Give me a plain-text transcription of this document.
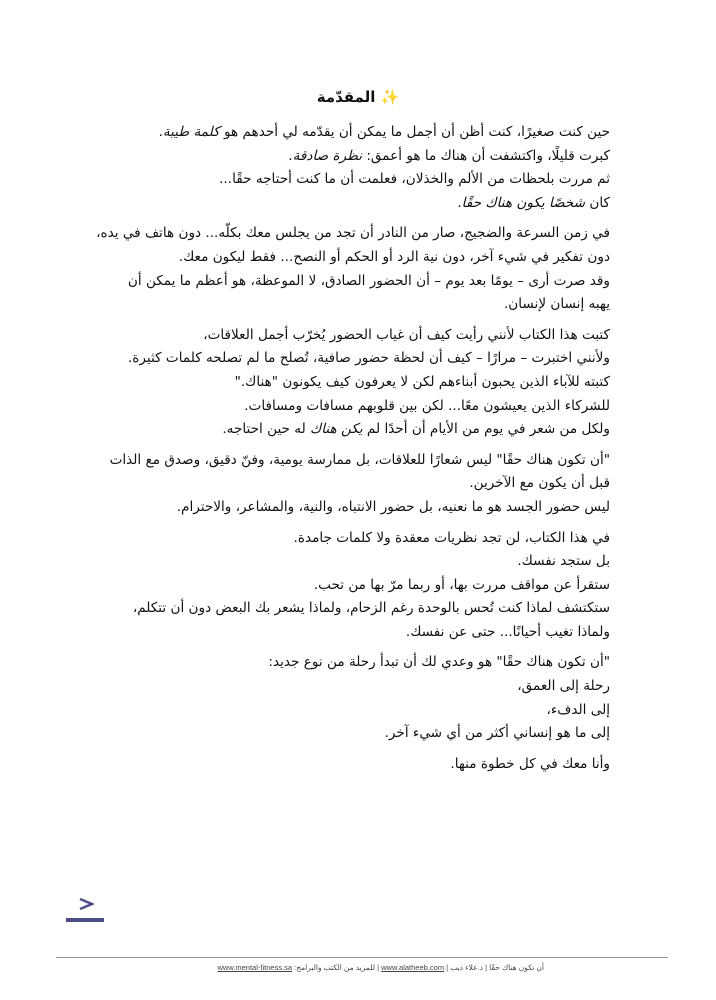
✨ المقدّمة
حين كنت صغيرًا، كنت أظن أن أجمل ما يمكن أن يقدّمه لي أحدهم هو كلمة طيبة.
كبرت قليلًا، واكتشفت أن هناك ما هو أعمق: نظرة صادقة.
ثم مررت بلحظات من الألم والخذلان، فعلمت أن ما كنت أحتاجه حقًا...
كان شخصًا يكون هناك حقًا.
في زمن السرعة والضجيج، صار من النادر أن تجد من يجلس معك بكلّه... دون هاتف في يده،
دون تفكير في شيء آخر، دون نية الرد أو الحكم أو النصح... فقط ليكون معك.
وقد صرت أرى – يومًا بعد يوم – أن الحضور الصادق، لا الموعظة، هو أعظم ما يمكن أن يهبه إنسان لإنسان.
كتبت هذا الكتاب لأنني رأيت كيف أن غياب الحضور يُخرّب أجمل العلاقات،
ولأنني اختبرت – مرارًا – كيف أن لحظة حضور صافية، تُصلح ما لم تصلحه كلمات كثيرة.
كتبته للآباء الذين يحبون أبناءهم لكن لا يعرفون كيف يكونون "هناك."
للشركاء الذين يعيشون معًا... لكن بين قلوبهم مسافات ومسافات.
ولكل من شعر في يوم من الأيام أن أحدًا لم يكن هناك له حين احتاجه.
"أن تكون هناك حقًا" ليس شعارًا للعلاقات، بل ممارسة يومية، وفنّ دقيق، وصدق مع الذات قبل أن يكون مع الآخرين.
ليس حضور الجسد هو ما نعنيه، بل حضور الانتباه، والنية، والمشاعر، والاحترام.
في هذا الكتاب، لن تجد نظريات معقدة ولا كلمات جامدة.
بل ستجد نفسك.
ستقرأ عن مواقف مررت بها، أو ربما مرّ بها من تحب.
ستكتشف لماذا كنت تُحس بالوحدة رغم الزحام، ولماذا يشعر بك البعض دون أن تتكلم،
ولماذا تغيب أحيانًا... حتى عن نفسك.
"أن تكون هناك حقًا" هو وعدي لك أن تبدأ رحلة من نوع جديد:
رحلة إلى العمق،
إلى الدفء،
إلى ما هو إنساني أكثر من أي شيء آخر.
وأنا معك في كل خطوة منها.
أن تكون هناك حقًا | د.علاء ذيب | www.alatheeb.com | للمزيد من الكتب والبرامج: www.mental-fitness.sa
